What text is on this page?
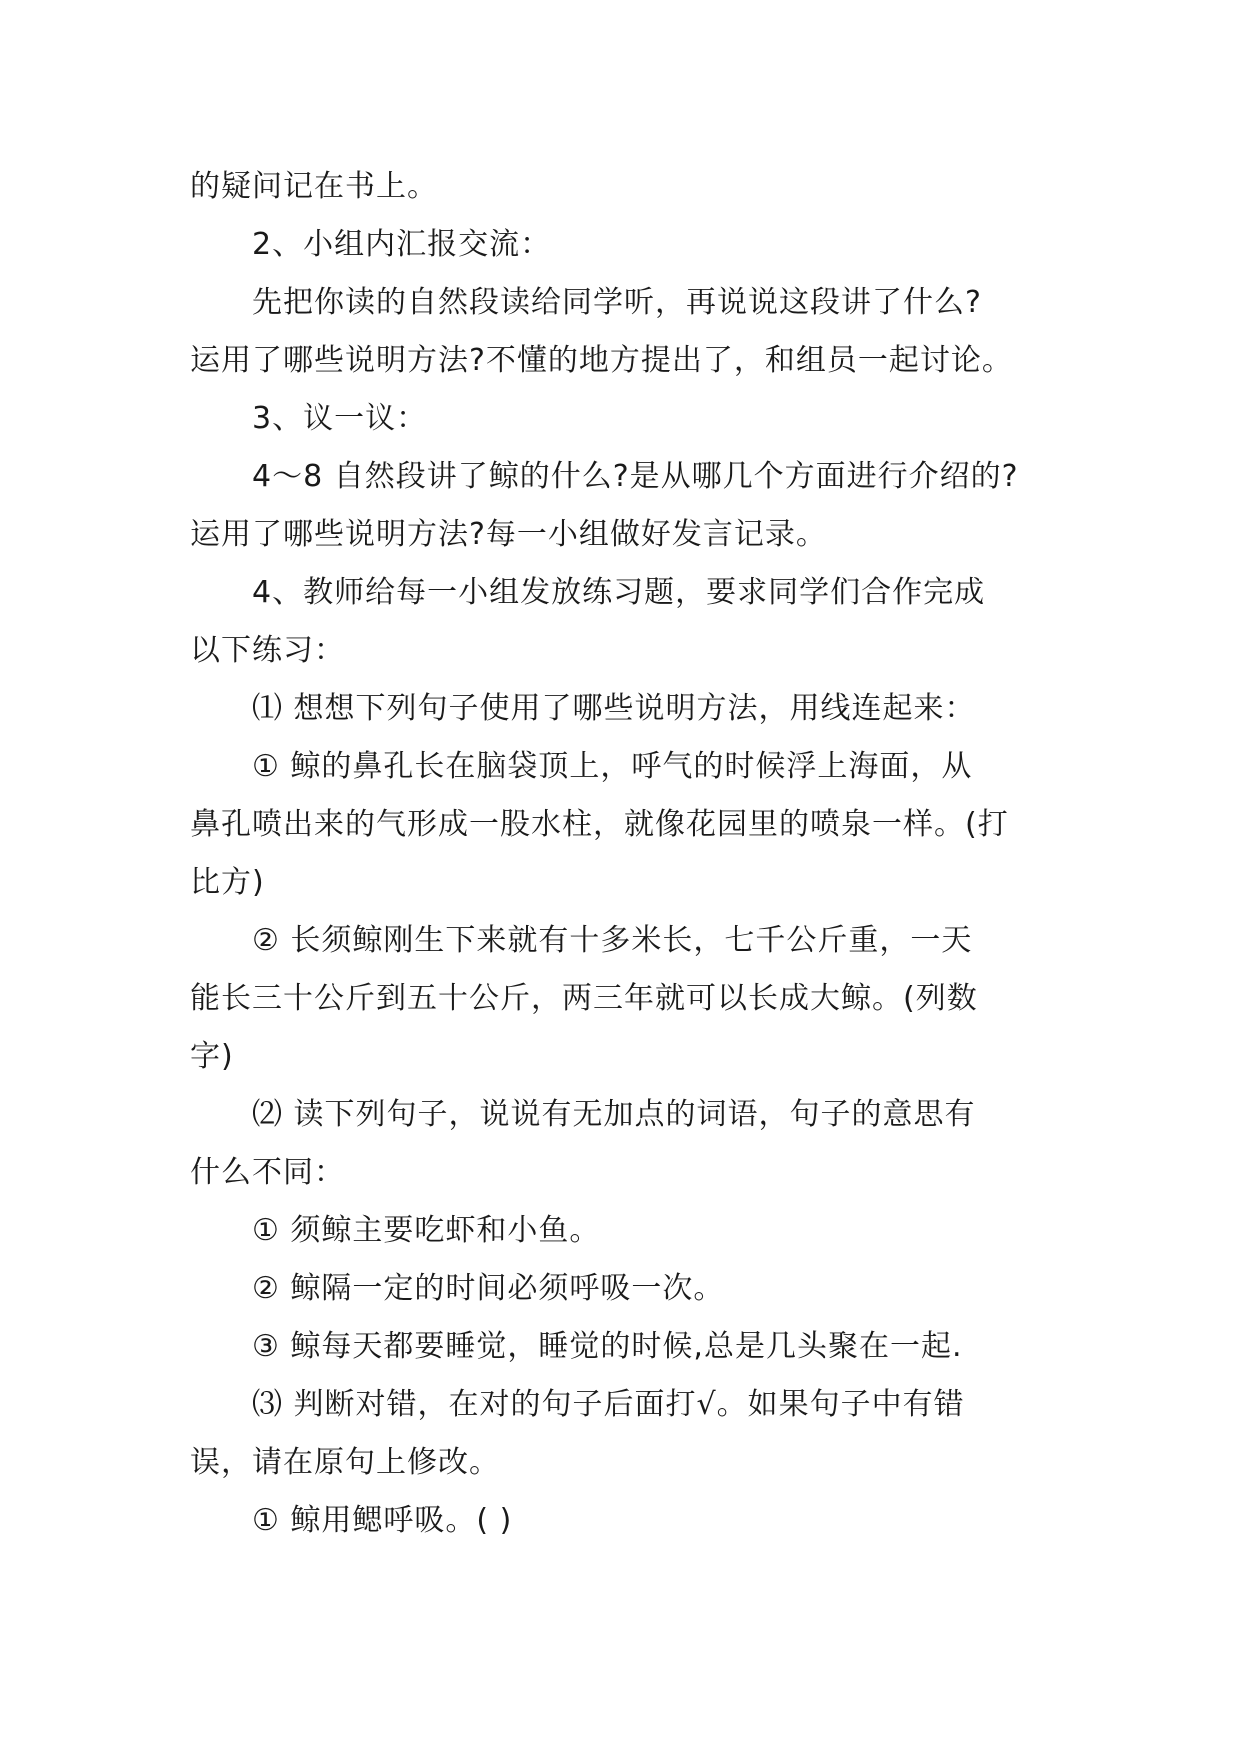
的疑问记在书上。
2、小组内汇报交流：
先把你读的自然段读给同学听，再说说这段讲了什么?
运用了哪些说明方法?不懂的地方提出了，和组员一起讨论。
3、议一议：
4～8 自然段讲了鲸的什么?是从哪几个方面进行介绍的?
运用了哪些说明方法?每一小组做好发言记录。
4、教师给每一小组发放练习题，要求同学们合作完成
以下练习：
⑴ 想想下列句子使用了哪些说明方法，用线连起来：
① 鲸的鼻孔长在脑袋顶上，呼气的时候浮上海面，从
鼻孔喷出来的气形成一股水柱，就像花园里的喷泉一样。(打
比方)
② 长须鲸刚生下来就有十多米长，七千公斤重，一天
能长三十公斤到五十公斤，两三年就可以长成大鲸。(列数
字)
⑵ 读下列句子，说说有无加点的词语，句子的意思有
什么不同：
① 须鲸主要吃虾和小鱼。
② 鲸隔一定的时间必须呼吸一次。
③ 鲸每天都要睡觉，睡觉的时候,总是几头聚在一起.
⑶ 判断对错，在对的句子后面打√。如果句子中有错
误，请在原句上修改。
① 鲸用鳃呼吸。( )
